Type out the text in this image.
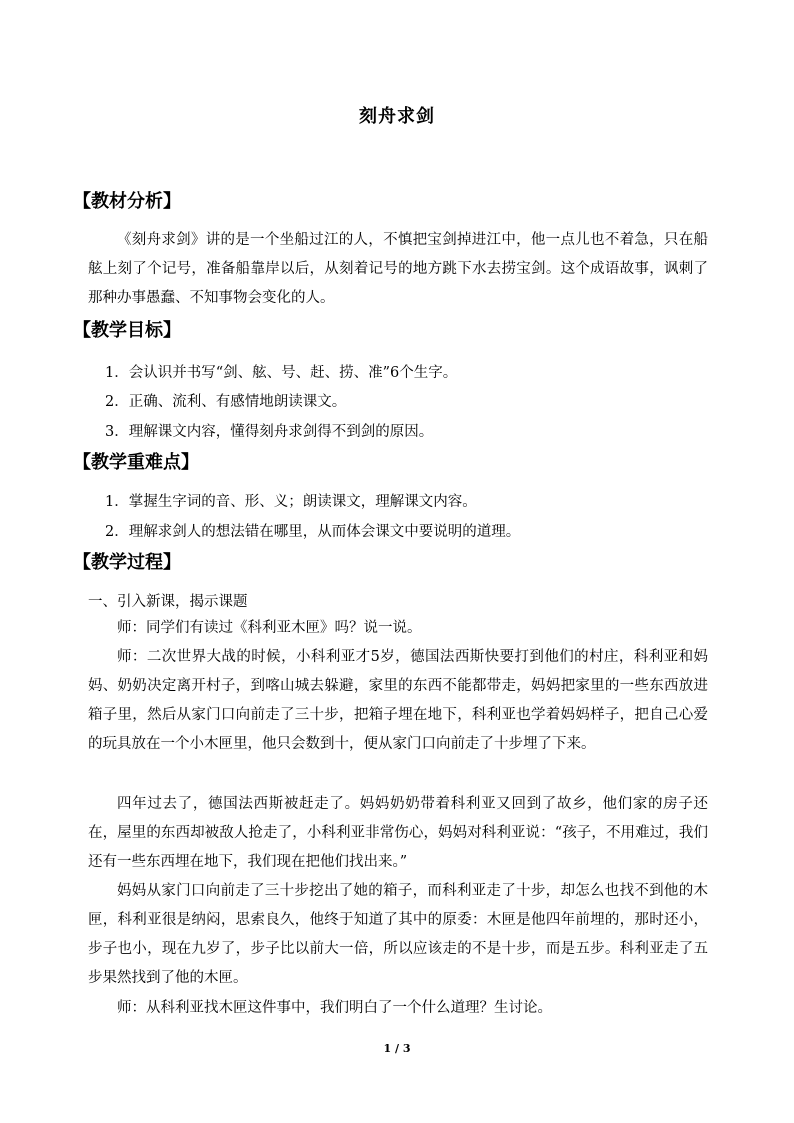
刻舟求剑
【教材分析】
《刻舟求剑》讲的是一个坐船过江的人，不慎把宝剑掉进江中，他一点儿也不着急，只在船舷上刻了个记号，准备船靠岸以后，从刻着记号的地方跳下水去捞宝剑。这个成语故事，讽刺了那种办事愚蠢、不知事物会变化的人。
【教学目标】
1．会认识并书写“剑、舷、号、赶、捞、准”6个生字。
2．正确、流利、有感情地朗读课文。
3．理解课文内容，懂得刻舟求剑得不到剑的原因。
【教学重难点】
1．掌握生字词的音、形、义；朗读课文，理解课文内容。
2．理解求剑人的想法错在哪里，从而体会课文中要说明的道理。
【教学过程】
一、引入新课，揭示课题
师：同学们有读过《科利亚木匣》吗？说一说。
师：二次世界大战的时候，小科利亚才5岁，德国法西斯快要打到他们的村庄，科利亚和妈妈、奶奶决定离开村子，到喀山城去躲避，家里的东西不能都带走，妈妈把家里的一些东西放进箱子里，然后从家门口向前走了三十步，把箱子埋在地下，科利亚也学着妈妈样子，把自己心爱的玩具放在一个小木匣里，他只会数到十，便从家门口向前走了十步埋了下来。
四年过去了，德国法西斯被赶走了。妈妈奶奶带着科利亚又回到了故乡，他们家的房子还在，屋里的东西却被敌人抢走了，小科利亚非常伤心，妈妈对科利亚说：“孩子，不用难过，我们还有一些东西埋在地下，我们现在把他们找出来。”
妈妈从家门口向前走了三十步挖出了她的箱子，而科利亚走了十步，却怎么也找不到他的木匣，科利亚很是纳闷，思索良久，他终于知道了其中的原委：木匣是他四年前埋的，那时还小，步子也小，现在九岁了，步子比以前大一倍，所以应该走的不是十步，而是五步。科利亚走了五步果然找到了他的木匣。
师：从科利亚找木匣这件事中，我们明白了一个什么道理？生讨论。
1 / 3
